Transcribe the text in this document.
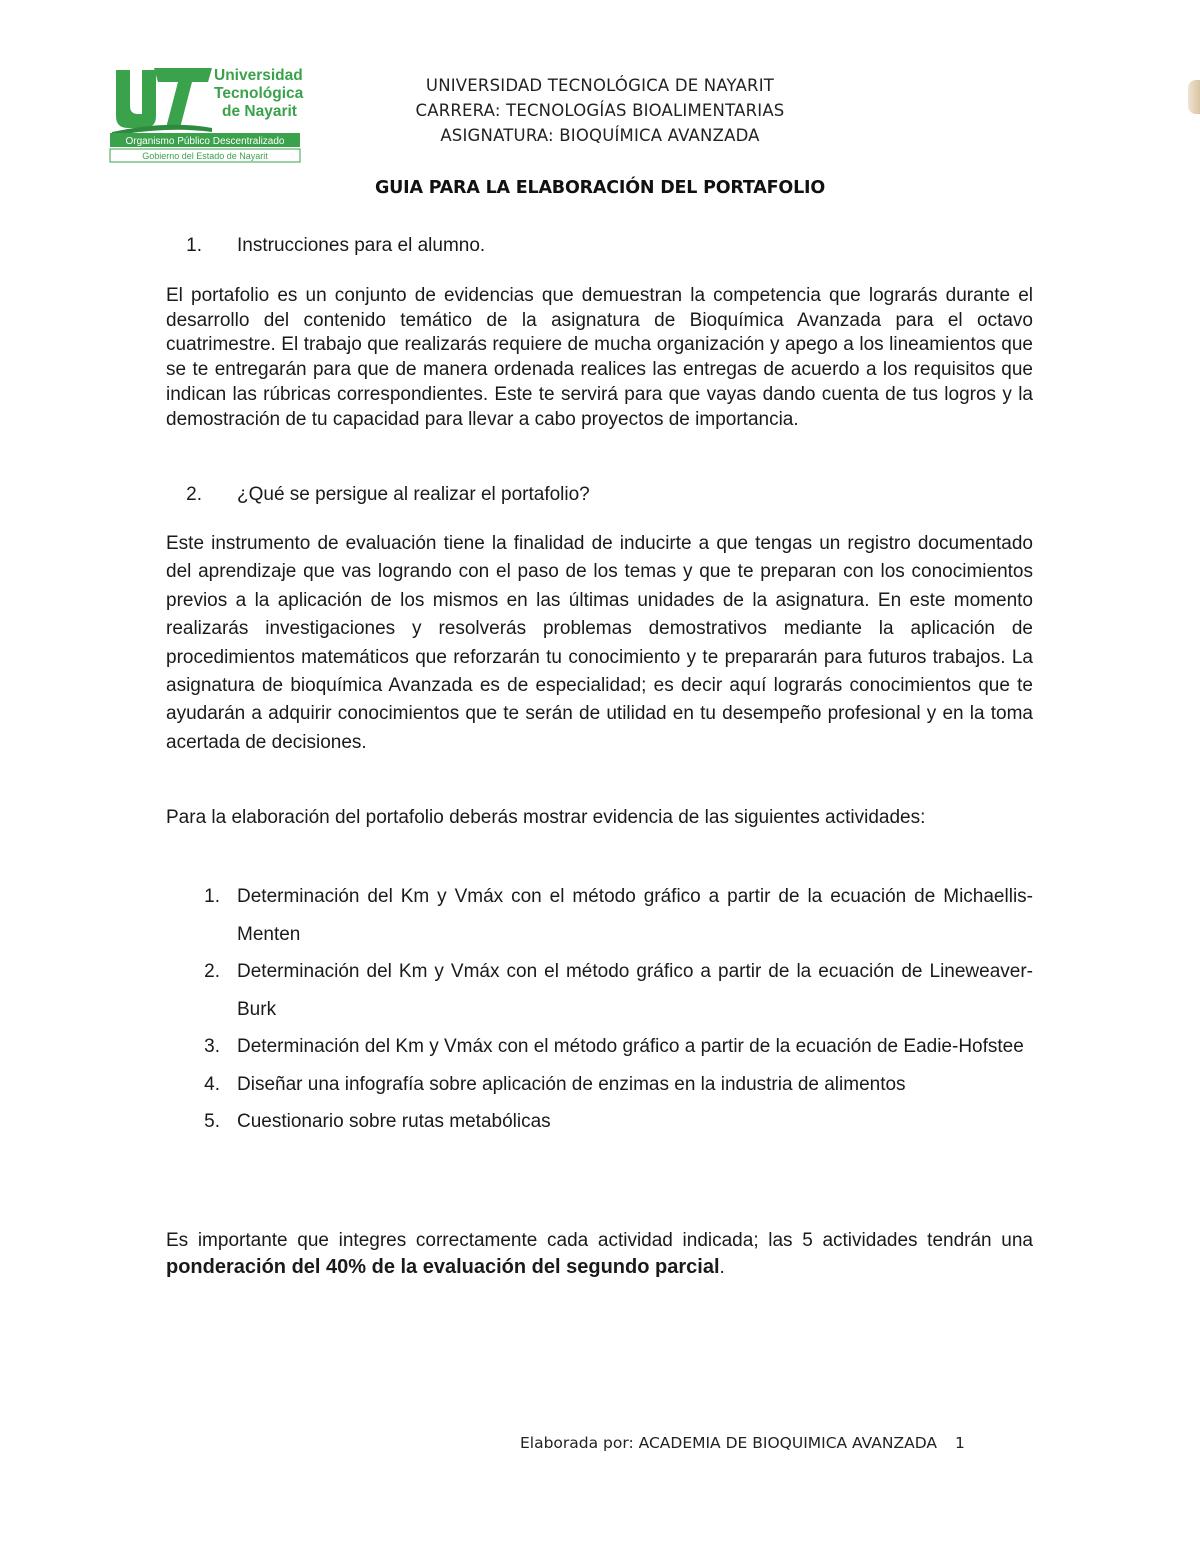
Universidad
Tecnológica
de Nayarit
Organismo Público Descentralizado
Gobierno del Estado de Nayarit
UNIVERSIDAD TECNOLÓGICA DE NAYARIT
CARRERA: TECNOLOGÍAS BIOALIMENTARIAS
ASIGNATURA: BIOQUÍMICA AVANZADA
GUIA PARA LA ELABORACIÓN DEL PORTAFOLIO
1. Instrucciones para el alumno.
El portafolio es un conjunto de evidencias que demuestran la competencia que lograrás durante el desarrollo del contenido temático de la asignatura de Bioquímica Avanzada para el octavo cuatrimestre. El trabajo que realizarás requiere de mucha organización y apego a los lineamientos que se te entregarán para que de manera ordenada realices las entregas de acuerdo a los requisitos que indican las rúbricas correspondientes. Este te servirá para que vayas dando cuenta de tus logros y la demostración de tu capacidad para llevar a cabo proyectos de importancia.
2. ¿Qué se persigue al realizar el portafolio?
Este instrumento de evaluación tiene la finalidad de inducirte a que tengas un registro documentado del aprendizaje que vas logrando con el paso de los temas y que te preparan con los conocimientos previos a la aplicación de los mismos en las últimas unidades de la asignatura. En este momento realizarás investigaciones y resolverás problemas demostrativos mediante la aplicación de procedimientos matemáticos que reforzarán tu conocimiento y te prepararán para futuros trabajos. La asignatura de bioquímica Avanzada es de especialidad; es decir aquí lograrás conocimientos que te ayudarán a adquirir conocimientos que te serán de utilidad en tu desempeño profesional y en la toma acertada de decisiones.
Para la elaboración del portafolio deberás mostrar evidencia de las siguientes actividades:
1. Determinación del Km y Vmáx con el método gráfico a partir de la ecuación de Michaellis-Menten
2. Determinación del Km y Vmáx con el método gráfico a partir de la ecuación de Lineweaver-Burk
3. Determinación del Km y Vmáx con el método gráfico a partir de la ecuación de Eadie-Hofstee
4. Diseñar una infografía sobre aplicación de enzimas en la industria de alimentos
5. Cuestionario sobre rutas metabólicas
Es importante que integres correctamente cada actividad indicada; las 5 actividades tendrán una ponderación del 40% de la evaluación del segundo parcial.
Elaborada por: ACADEMIA DE BIOQUIMICA AVANZADA 1
